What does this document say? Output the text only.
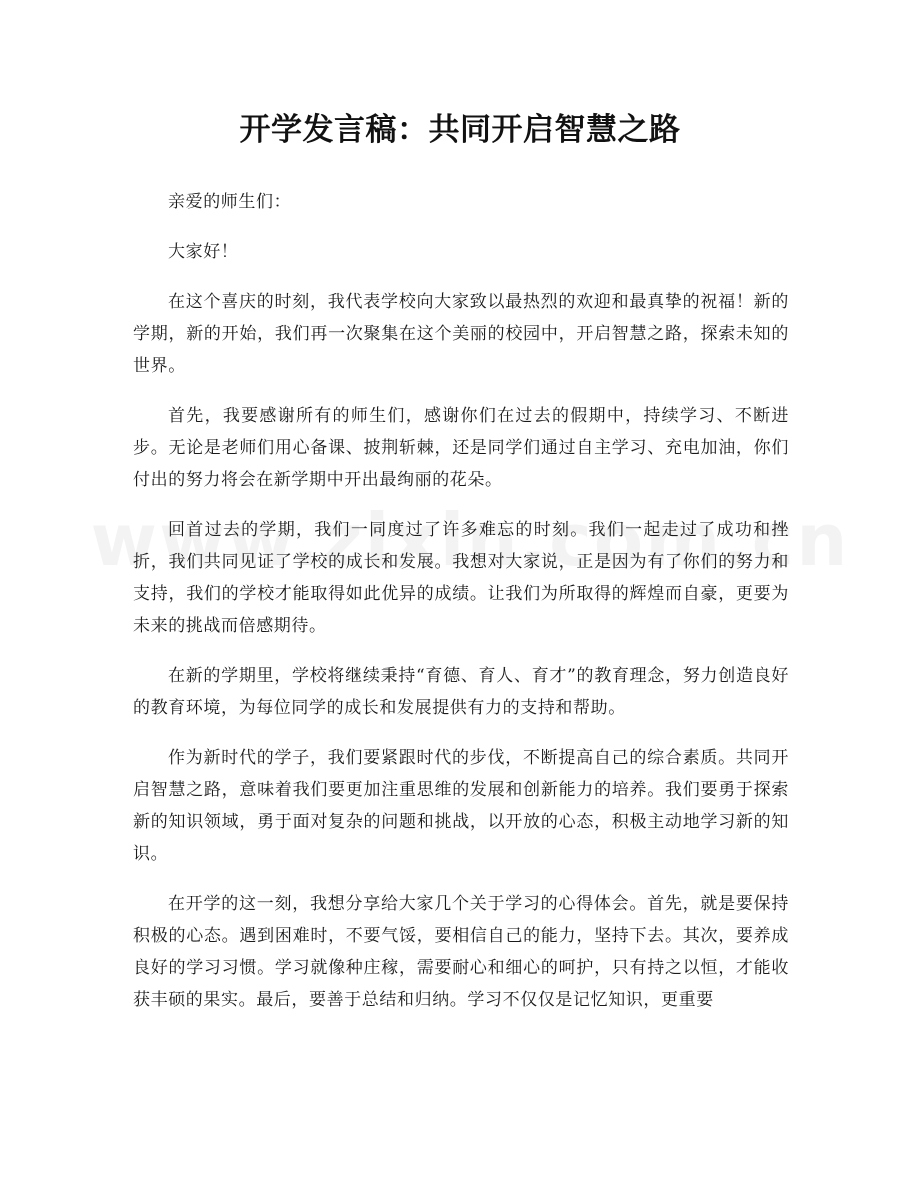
开学发言稿：共同开启智慧之路

亲爱的师生们：

大家好！

在这个喜庆的时刻，我代表学校向大家致以最热烈的欢迎和最真挚的祝福！新的学期，新的开始，我们再一次聚集在这个美丽的校园中，开启智慧之路，探索未知的世界。

首先，我要感谢所有的师生们，感谢你们在过去的假期中，持续学习、不断进步。无论是老师们用心备课、披荆斩棘，还是同学们通过自主学习、充电加油，你们付出的努力将会在新学期中开出最绚丽的花朵。

回首过去的学期，我们一同度过了许多难忘的时刻。我们一起走过了成功和挫折，我们共同见证了学校的成长和发展。我想对大家说，正是因为有了你们的努力和支持，我们的学校才能取得如此优异的成绩。让我们为所取得的辉煌而自豪，更要为未来的挑战而倍感期待。

在新的学期里，学校将继续秉持“育德、育人、育才”的教育理念，努力创造良好的教育环境，为每位同学的成长和发展提供有力的支持和帮助。

作为新时代的学子，我们要紧跟时代的步伐，不断提高自己的综合素质。共同开启智慧之路，意味着我们要更加注重思维的发展和创新能力的培养。我们要勇于探索新的知识领域，勇于面对复杂的问题和挑战，以开放的心态，积极主动地学习新的知识。

在开学的这一刻，我想分享给大家几个关于学习的心得体会。首先，就是要保持积极的心态。遇到困难时，不要气馁，要相信自己的能力，坚持下去。其次，要养成良好的学习习惯。学习就像种庄稼，需要耐心和细心的呵护，只有持之以恒，才能收获丰硕的果实。最后，要善于总结和归纳。学习不仅仅是记忆知识，更重要
